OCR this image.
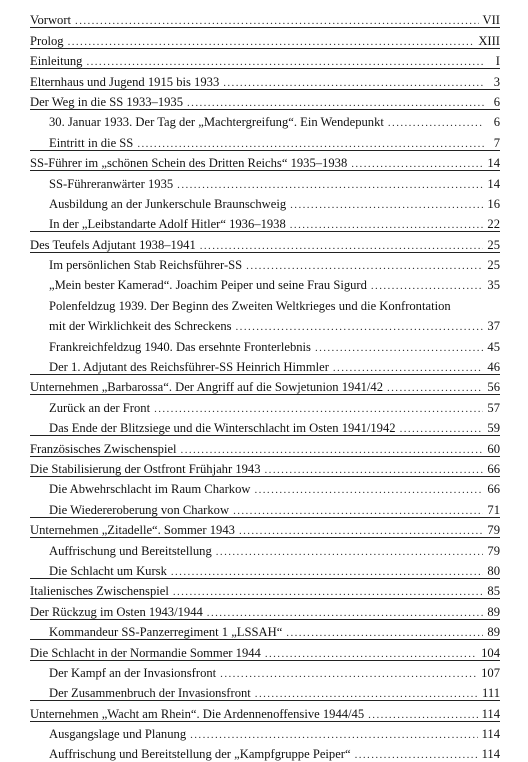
Vorwort .....	VII
Prolog .....	XIII
Einleitung .....	I
Elternhaus und Jugend 1915 bis 1933 .....	3
Der Weg in die SS 1933–1935 .....	6
30. Januar 1933. Der Tag der „Machtergreifung“. Ein Wendepunkt .....	6
Eintritt in die SS .....	7
SS-Führer im „schönen Schein des Dritten Reichs“ 1935–1938 .....	14
SS-Führeranwärter 1935 .....	14
Ausbildung an der Junkerschule Braunschweig .....	16
In der „Leibstandarte Adolf Hitler“ 1936–1938 .....	22
Des Teufels Adjutant 1938–1941 .....	25
Im persönlichen Stab Reichsführer-SS .....	25
„Mein bester Kamerad“. Joachim Peiper und seine Frau Sigurd .....	35
Polenfeldzug 1939. Der Beginn des Zweiten Weltkrieges und die Konfrontation
mit der Wirklichkeit des Schreckens .....	37
Frankreichfeldzug 1940. Das ersehnte Fronterlebnis .....	45
Der 1. Adjutant des Reichsführer-SS Heinrich Himmler .....	46
Unternehmen „Barbarossa“. Der Angriff auf die Sowjetunion 1941/42 .....	56
Zurück an der Front .....	57
Das Ende der Blitzsiege und die Winterschlacht im Osten 1941/1942 .....	59
Französisches Zwischenspiel .....	60
Die Stabilisierung der Ostfront Frühjahr 1943 .....	66
Die Abwehrschlacht im Raum Charkow .....	66
Die Wiedereroberung von Charkow .....	71
Unternehmen „Zitadelle“. Sommer 1943 .....	79
Auffrischung und Bereitstellung .....	79
Die Schlacht um Kursk .....	80
Italienisches Zwischenspiel .....	85
Der Rückzug im Osten 1943/1944 .....	89
Kommandeur SS-Panzerregiment 1 „LSSAH“ .....	89
Die Schlacht in der Normandie Sommer 1944 .....	104
Der Kampf an der Invasionsfront .....	107
Der Zusammenbruch der Invasionsfront .....	111
Unternehmen „Wacht am Rhein“. Die Ardennenoffensive 1944/45 .....	114
Ausgangslage und Planung .....	114
Auffrischung und Bereitstellung der „Kampfgruppe Peiper“ .....	114
